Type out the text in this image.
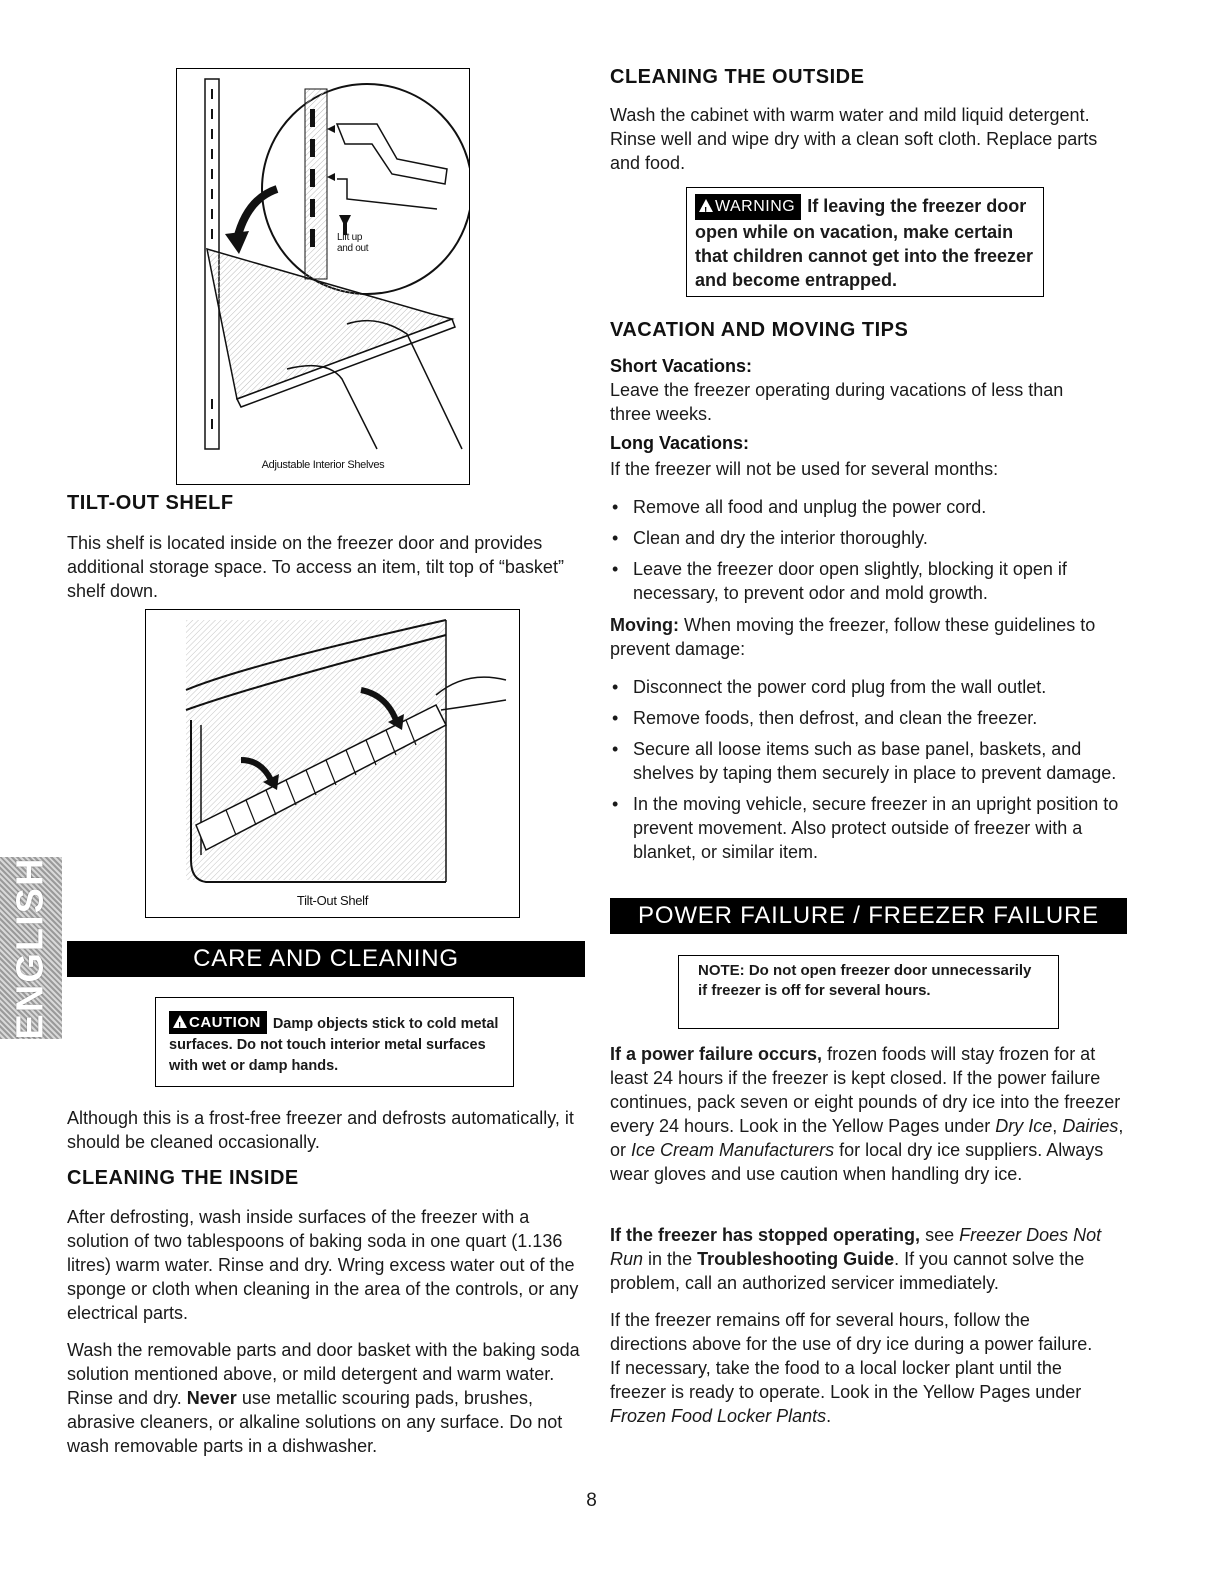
ENGLISH
Lift up
and out
Adjustable Interior Shelves
TILT-OUT SHELF

This shelf is located inside on the freezer door and provides additional storage space. To access an item, tilt top of “basket” shelf down.

Tilt-Out Shelf
CARE AND CLEANING
!CAUTION Damp objects stick to cold metal surfaces. Do not touch interior metal surfaces with wet or damp hands.

Although this is a frost-free freezer and defrosts automatically, it should be cleaned occasionally.

CLEANING THE INSIDE

After defrosting, wash inside surfaces of the freezer with a solution of two tablespoons of baking soda in one quart (1.136 litres) warm water. Rinse and dry. Wring excess water out of the sponge or cloth when cleaning in the area of the controls, or any electrical parts.

Wash the removable parts and door basket with the baking soda solution mentioned above, or mild detergent and warm water. Rinse and dry. Never use metallic scouring pads, brushes, abrasive cleaners, or alkaline solutions on any surface. Do not wash removable parts in a dishwasher.

CLEANING THE OUTSIDE

Wash the cabinet with warm water and mild liquid detergent. Rinse well and wipe dry with a clean soft cloth. Replace parts and food.

!WARNING If leaving the freezer door open while on vacation, make certain that children cannot get into the freezer and become entrapped.
VACATION AND MOVING TIPS
Short Vacations:

Leave the freezer operating during vacations of less than three weeks.

Long Vacations:

If the freezer will not be used for several months:

• Remove all food and unplug the power cord.
• Clean and dry the interior thoroughly.
• Leave the freezer door open slightly, blocking it open if necessary, to prevent odor and mold growth.

Moving: When moving the freezer, follow these guidelines to prevent damage:

• Disconnect the power cord plug from the wall outlet.
• Remove foods, then defrost, and clean the freezer.
• Secure all loose items such as base panel, baskets, and shelves by taping them securely in place to prevent damage.
• In the moving vehicle, secure freezer in an upright position to prevent movement. Also protect outside of freezer with a blanket, or similar item.
POWER FAILURE / FREEZER FAILURE
NOTE: Do not open freezer door unnecessarily if freezer is off for several hours.

If a power failure occurs, frozen foods will stay frozen for at least 24 hours if the freezer is kept closed. If the power failure continues, pack seven or eight pounds of dry ice into the freezer every 24 hours. Look in the Yellow Pages under Dry Ice, Dairies, or Ice Cream Manufacturers for local dry ice suppliers. Always wear gloves and use caution when handling dry ice.

If the freezer has stopped operating, see Freezer Does Not Run in the Troubleshooting Guide. If you cannot solve the problem, call an authorized servicer immediately.

If the freezer remains off for several hours, follow the directions above for the use of dry ice during a power failure. If necessary, take the food to a local locker plant until the freezer is ready to operate. Look in the Yellow Pages under Frozen Food Locker Plants.

8
